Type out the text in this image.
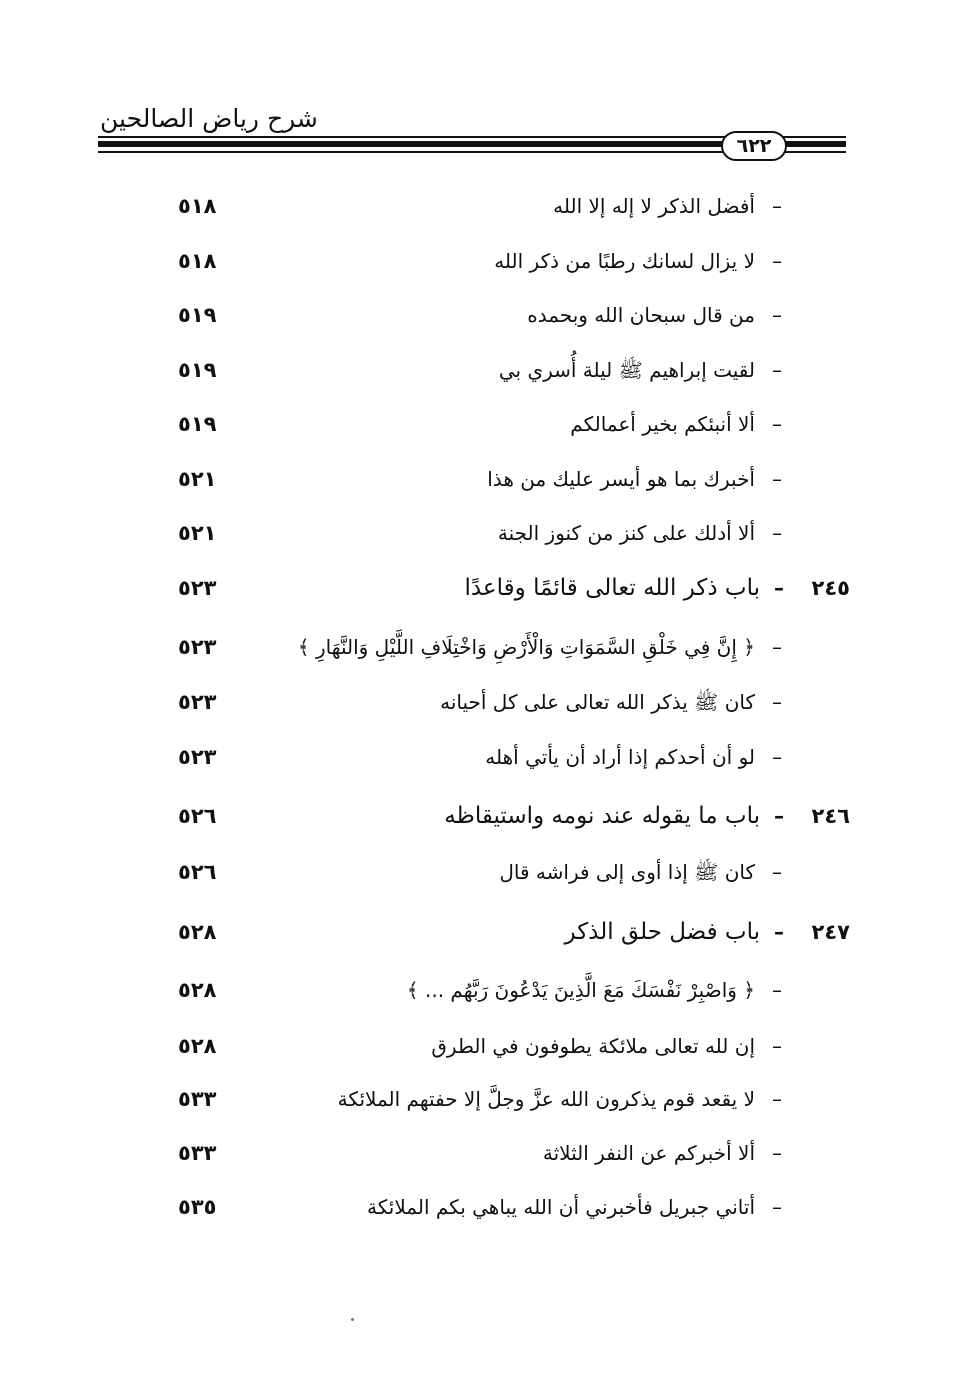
شرح رياض الصالحين
٦٢٢
٥١٨	أفضل الذكر لا إله إلا الله –
٥١٨	لا يزال لسانك رطبًا من ذكر الله –
٥١٩	من قال سبحان الله وبحمده –
٥١٩	لقيت إبراهيم ﷺ ليلة أُسري بي –
٥١٩	ألا أنبئكم بخير أعمالكم –
٥٢١	أخبرك بما هو أيسر عليك من هذا –
٥٢١	ألا أدلك على كنز من كنوز الجنة –
٥٢٣	باب ذكر الله تعالى قائمًا وقاعدًا – ٢٤٥
٥٢٣	﴿ إِنَّ فِي خَلْقِ السَّمَوَاتِ وَالْأَرْضِ وَاخْتِلَافِ اللَّيْلِ وَالنَّهَارِ ﴾ –
٥٢٣	كان ﷺ يذكر الله تعالى على كل أحيانه –
٥٢٣	لو أن أحدكم إذا أراد أن يأتي أهله –
٥٢٦	باب ما يقوله عند نومه واستيقاظه – ٢٤٦
٥٢٦	كان ﷺ إذا أوى إلى فراشه قال –
٥٢٨	باب فضل حلق الذكر – ٢٤٧
٥٢٨	﴿ وَاصْبِرْ نَفْسَكَ مَعَ الَّذِينَ يَدْعُونَ رَبَّهُم ... ﴾ –
٥٢٨	إن لله تعالى ملائكة يطوفون في الطرق –
٥٣٣	لا يقعد قوم يذكرون الله عزَّ وجلَّ إلا حفتهم الملائكة –
٥٣٣	ألا أخبركم عن النفر الثلاثة –
٥٣٥	أتاني جبريل فأخبرني أن الله يباهي بكم الملائكة –
